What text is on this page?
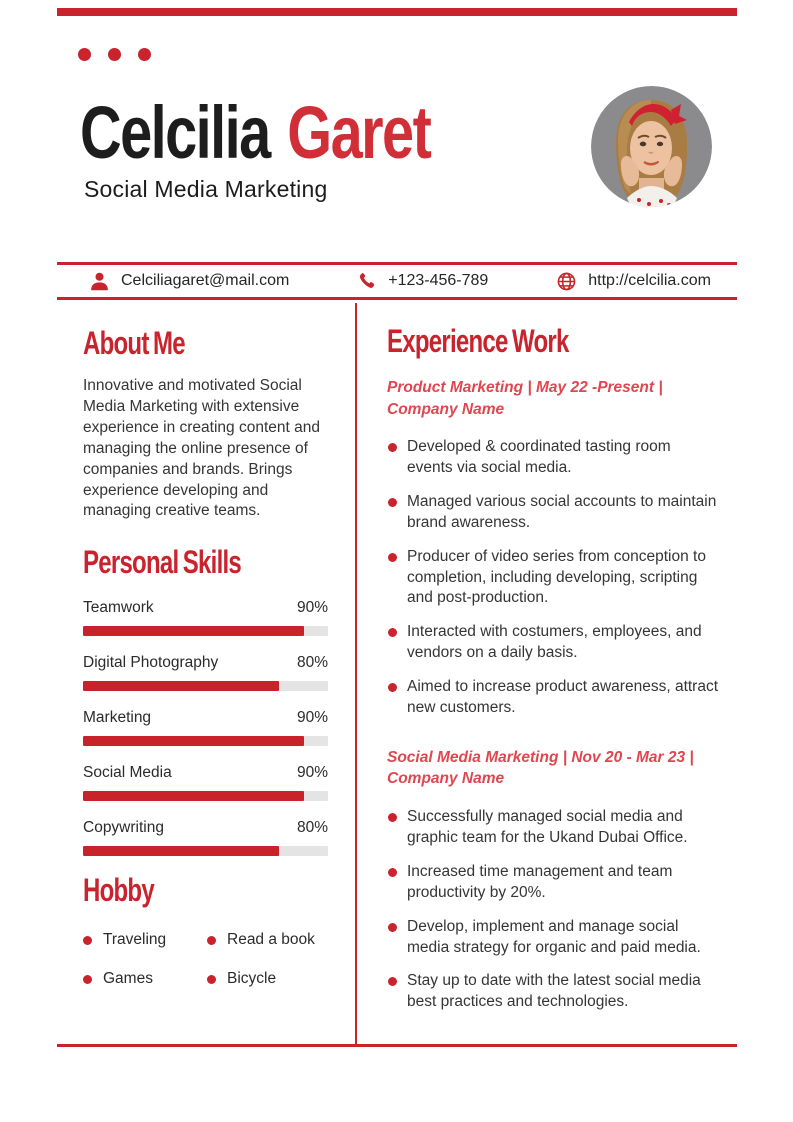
Celcilia Garet

Social Media Marketing

Celciliagaret@mail.com	+123-456-789	http://celcilia.com
About Me

Innovative and motivated Social Media Marketing with extensive experience in creating content and managing the online presence of companies and brands. Brings experience developing and managing creative teams.

Personal Skills
Teamwork	90%
Digital Photography	80%
Marketing	90%
Social Media	90%
Copywriting	80%
Hobby
Traveling	Read a book
Games	Bicycle
Experience Work

Product Marketing | May 22 -Present | Company Name

Developed & coordinated tasting room events via social media.
Managed various social accounts to maintain brand awareness.
Producer of video series from conception to completion, including developing, scripting and post-production.
Interacted with costumers, employees, and vendors on a daily basis.
Aimed to increase product awareness, attract new customers.

Social Media Marketing | Nov 20 - Mar 23 | Company Name

Successfully managed social media and graphic team for the Ukand Dubai Office.
Increased time management and team productivity by 20%.
Develop, implement and manage social media strategy for organic and paid media.
Stay up to date with the latest social media best practices and technologies.
